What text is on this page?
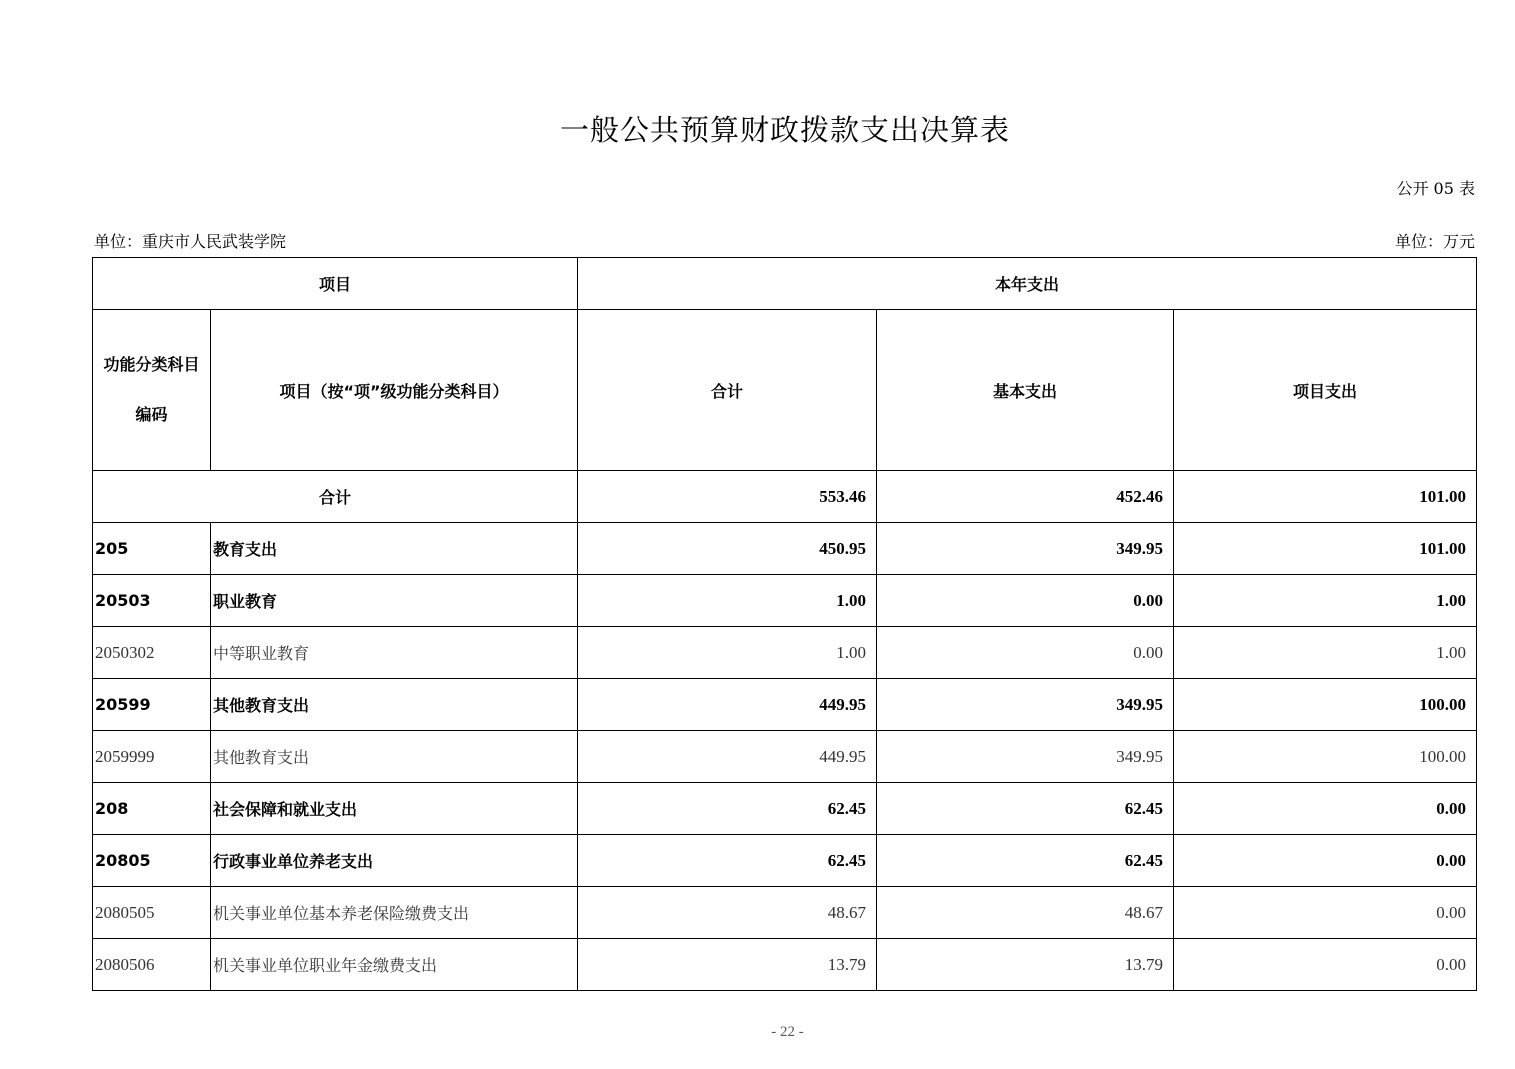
一般公共预算财政拨款支出决算表
公开 05 表
单位：重庆市人民武装学院	单位：万元
项目		本年支出		

功能分类科目
编码	项目（按“项”级功能分类科目）	合计	基本支出	项目支出
合计		553.46	452.46	101.00
205	教育支出	450.95	349.95	101.00
20503	职业教育	1.00	0.00	1.00
2050302	中等职业教育	1.00	0.00	1.00
20599	其他教育支出	449.95	349.95	100.00
2059999	其他教育支出	449.95	349.95	100.00
208	社会保障和就业支出	62.45	62.45	0.00
20805	行政事业单位养老支出	62.45	62.45	0.00
2080505	机关事业单位基本养老保险缴费支出	48.67	48.67	0.00
2080506	机关事业单位职业年金缴费支出	13.79	13.79	0.00
- 22 -
